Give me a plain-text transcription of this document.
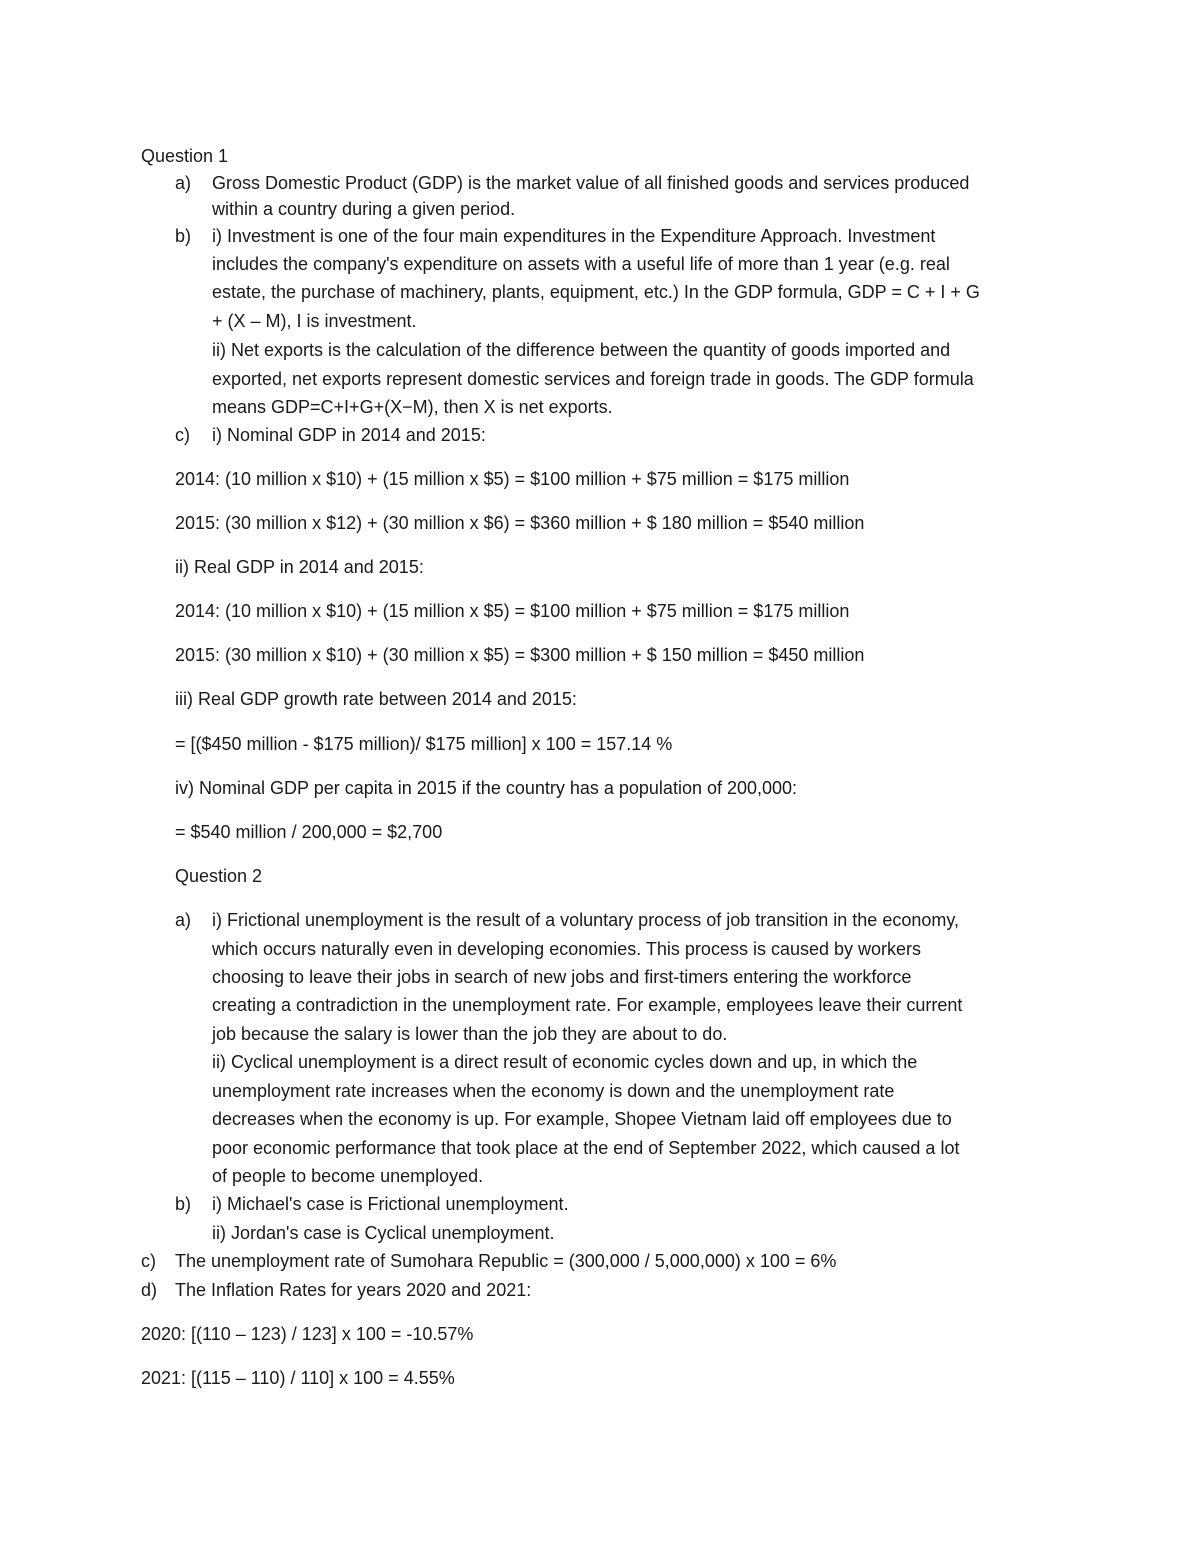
Question 1
a) Gross Domestic Product (GDP) is the market value of all finished goods and services produced
within a country during a given period.
b) i) Investment is one of the four main expenditures in the Expenditure Approach. Investment
includes the company's expenditure on assets with a useful life of more than 1 year (e.g. real
estate, the purchase of machinery, plants, equipment, etc.) In the GDP formula, GDP = C + I + G
+ (X – M), I is investment.
ii) Net exports is the calculation of the difference between the quantity of goods imported and
exported, net exports represent domestic services and foreign trade in goods. The GDP formula
means GDP=C+I+G+(X−M), then X is net exports.
c) i) Nominal GDP in 2014 and 2015:
2014: (10 million x $10) + (15 million x $5) = $100 million + $75 million = $175 million
2015: (30 million x $12) + (30 million x $6) = $360 million + $ 180 million = $540 million
ii) Real GDP in 2014 and 2015:
2014: (10 million x $10) + (15 million x $5) = $100 million + $75 million = $175 million
2015: (30 million x $10) + (30 million x $5) = $300 million + $ 150 million = $450 million
iii) Real GDP growth rate between 2014 and 2015:
= [($450 million - $175 million)/ $175 million] x 100 = 157.14 %
iv) Nominal GDP per capita in 2015 if the country has a population of 200,000:
= $540 million / 200,000 = $2,700
Question 2
a) i) Frictional unemployment is the result of a voluntary process of job transition in the economy,
which occurs naturally even in developing economies. This process is caused by workers
choosing to leave their jobs in search of new jobs and first-timers entering the workforce
creating a contradiction in the unemployment rate. For example, employees leave their current
job because the salary is lower than the job they are about to do.
ii) Cyclical unemployment is a direct result of economic cycles down and up, in which the
unemployment rate increases when the economy is down and the unemployment rate
decreases when the economy is up. For example, Shopee Vietnam laid off employees due to
poor economic performance that took place at the end of September 2022, which caused a lot
of people to become unemployed.
b) i) Michael's case is Frictional unemployment.
ii) Jordan's case is Cyclical unemployment.
c) The unemployment rate of Sumohara Republic = (300,000 / 5,000,000) x 100 = 6%
d) The Inflation Rates for years 2020 and 2021:
2020: [(110 – 123) / 123] x 100 = -10.57%
2021: [(115 – 110) / 110] x 100 = 4.55%
